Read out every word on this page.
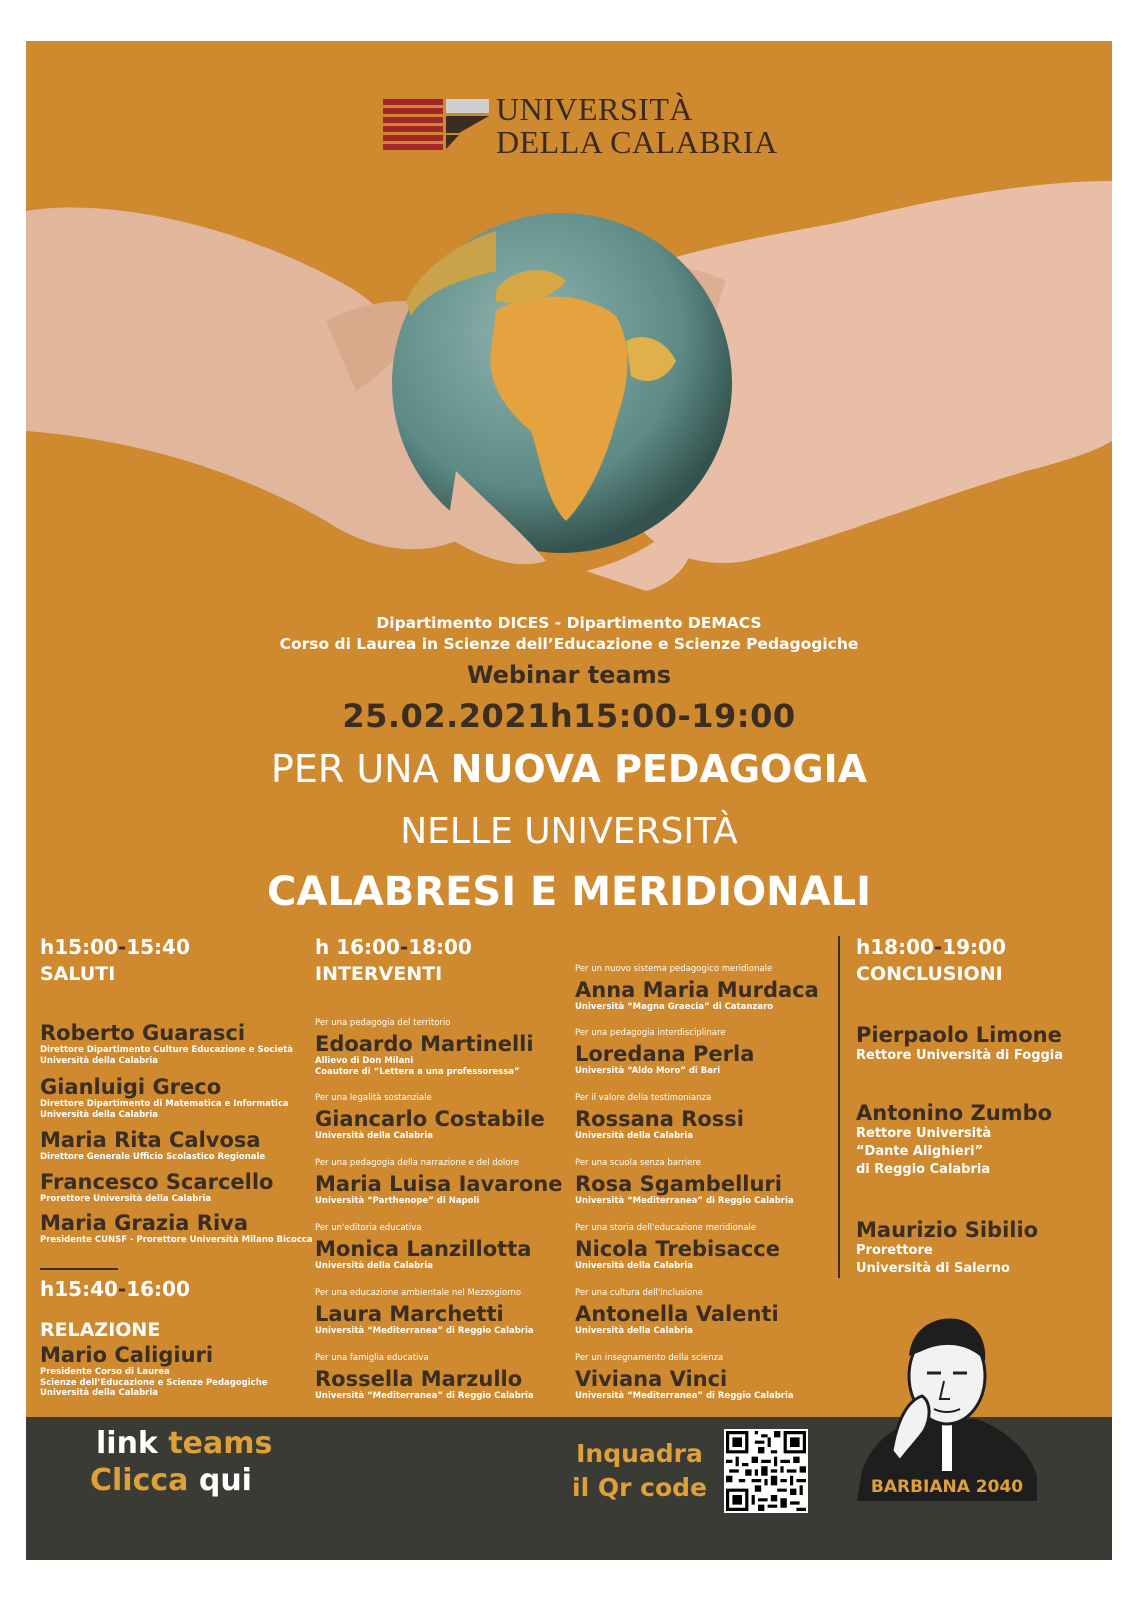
UNIVERSITÀ
DELLA CALABRIA
Dipartimento DICES - Dipartimento DEMACS
Corso di Laurea in Scienze dell’Educazione e Scienze Pedagogiche
Webinar teams
25.02.2021h15:00-19:00
PER UNA NUOVA PEDAGOGIA
NELLE UNIVERSITÀ
CALABRESI E MERIDIONALI
h15:00-15:40
SALUTI
Roberto Guarasci
Direttore Dipartimento Culture Educazione e Società
Università della Calabria
Gianluigi Greco
Direttore Dipartimento di Matematica e Informatica
Università della Calabria
Maria Rita Calvosa
Direttore Generale Ufficio Scolastico Regionale
Francesco Scarcello
Prorettore Università della Calabria
Maria Grazia Riva
Presidente CUNSF - Prorettore Università Milano Bicocca
h15:40-16:00
RELAZIONE
Mario Caligiuri
Presidente Corso di Laurea
Scienze dell’Educazione e Scienze Pedagogiche
Università della Calabria
h 16:00-18:00
INTERVENTI
Per una pedagogia del territorio
Edoardo Martinelli
Allievo di Don Milani
Coautore di “Lettera a una professoressa”
Per una legalità sostanziale
Giancarlo Costabile
Università della Calabria
Per una pedagogia della narrazione e del dolore
Maria Luisa Iavarone
Università “Parthenope” di Napoli
Per un'editoria educativa
Monica Lanzillotta
Università della Calabria
Per una educazione ambientale nel Mezzogiorno
Laura Marchetti
Università “Mediterranea” di Reggio Calabria
Per una famiglia educativa
Rossella Marzullo
Università “Mediterranea” di Reggio Calabria
Per un nuovo sistema pedagogico meridionale
Anna Maria Murdaca
Università “Magna Graecia” di Catanzaro
Per una pedagogia interdisciplinare
Loredana Perla
Università “Aldo Moro” di Bari
Per il valore della testimonianza
Rossana Rossi
Università della Calabria
Per una scuola senza barriere
Rosa Sgambelluri
Università “Mediterranea” di Reggio Calabria
Per una storia dell'educazione meridionale
Nicola Trebisacce
Università della Calabria
Per una cultura dell'inclusione
Antonella Valenti
Università della Calabria
Per un insegnamento della scienza
Viviana Vinci
Università “Mediterranea” di Reggio Calabria
h18:00-19:00
CONCLUSIONI
Pierpaolo Limone
Rettore Università di Foggia
Antonino Zumbo
Rettore Università
“Dante Alighieri”
di Reggio Calabria
Maurizio Sibilio
Prorettore
Università di Salerno
link teams
Clicca qui
Inquadra
il Qr code	BARBIANA 2040
